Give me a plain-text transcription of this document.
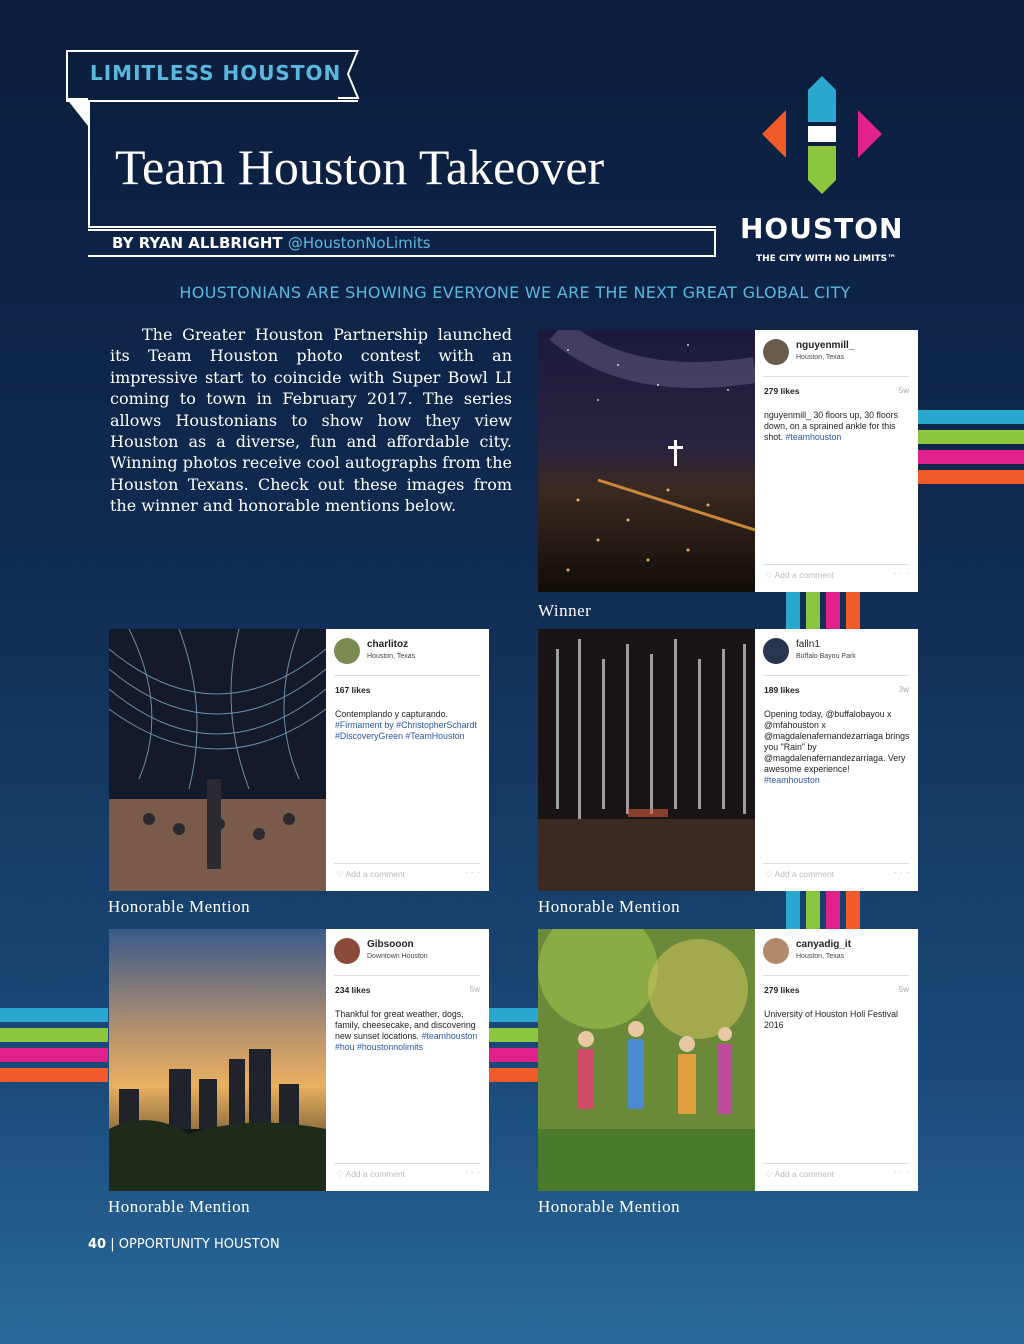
LIMITLESS HOUSTON
Team Houston Takeover
BY RYAN ALLBRIGHT @HoustonNoLimits	HOUSTON
THE CITY WITH NO LIMITS™
HOUSTONIANS ARE SHOWING EVERYONE WE ARE THE NEXT GREAT GLOBAL CITY
The Greater Houston Partnership launched its Team Houston photo contest with an impressive start to coincide with Super Bowl LI coming to town in February 2017. The series allows Houstonians to show how they view Houston as a diverse, fun and affordable city. Winning photos receive cool autographs from the Houston Texans. Check out these images from the winner and honorable mentions below.
nguyenmill_
Houston, Texas
279 likes	5w
nguyenmill_ 30 floors up, 30 floors down, on a sprained ankle for this shot. #teamhouston
♡ Add a comment	· · ·
Winner
charlitoz
Houston, Texas
167 likes
Contemplando y capturando.
#Firmament by #ChristopherSchardt #DiscoveryGreen #TeamHouston
♡ Add a comment	· · ·
Honorable Mention
falln1
Buffalo Bayou Park
189 likes	3w
Opening today, @buffalobayou x @mfahouston x @magdalenafernandezarriaga brings you "Rain" by @magdalenafernandezarriaga. Very awesome experience!
#teamhouston
♡ Add a comment	· · ·
Honorable Mention
Gibsooon
Downtown Houston
234 likes	5w
Thankful for great weather, dogs, family, cheesecake, and discovering new sunset locations. #teamhouston #hou #houstonnolimits
♡ Add a comment	· · ·
Honorable Mention
canyadig_it
Houston, Texas
279 likes	5w
University of Houston Holi Festival 2016
♡ Add a comment	· · ·
Honorable Mention
40 | OPPORTUNITY HOUSTON
